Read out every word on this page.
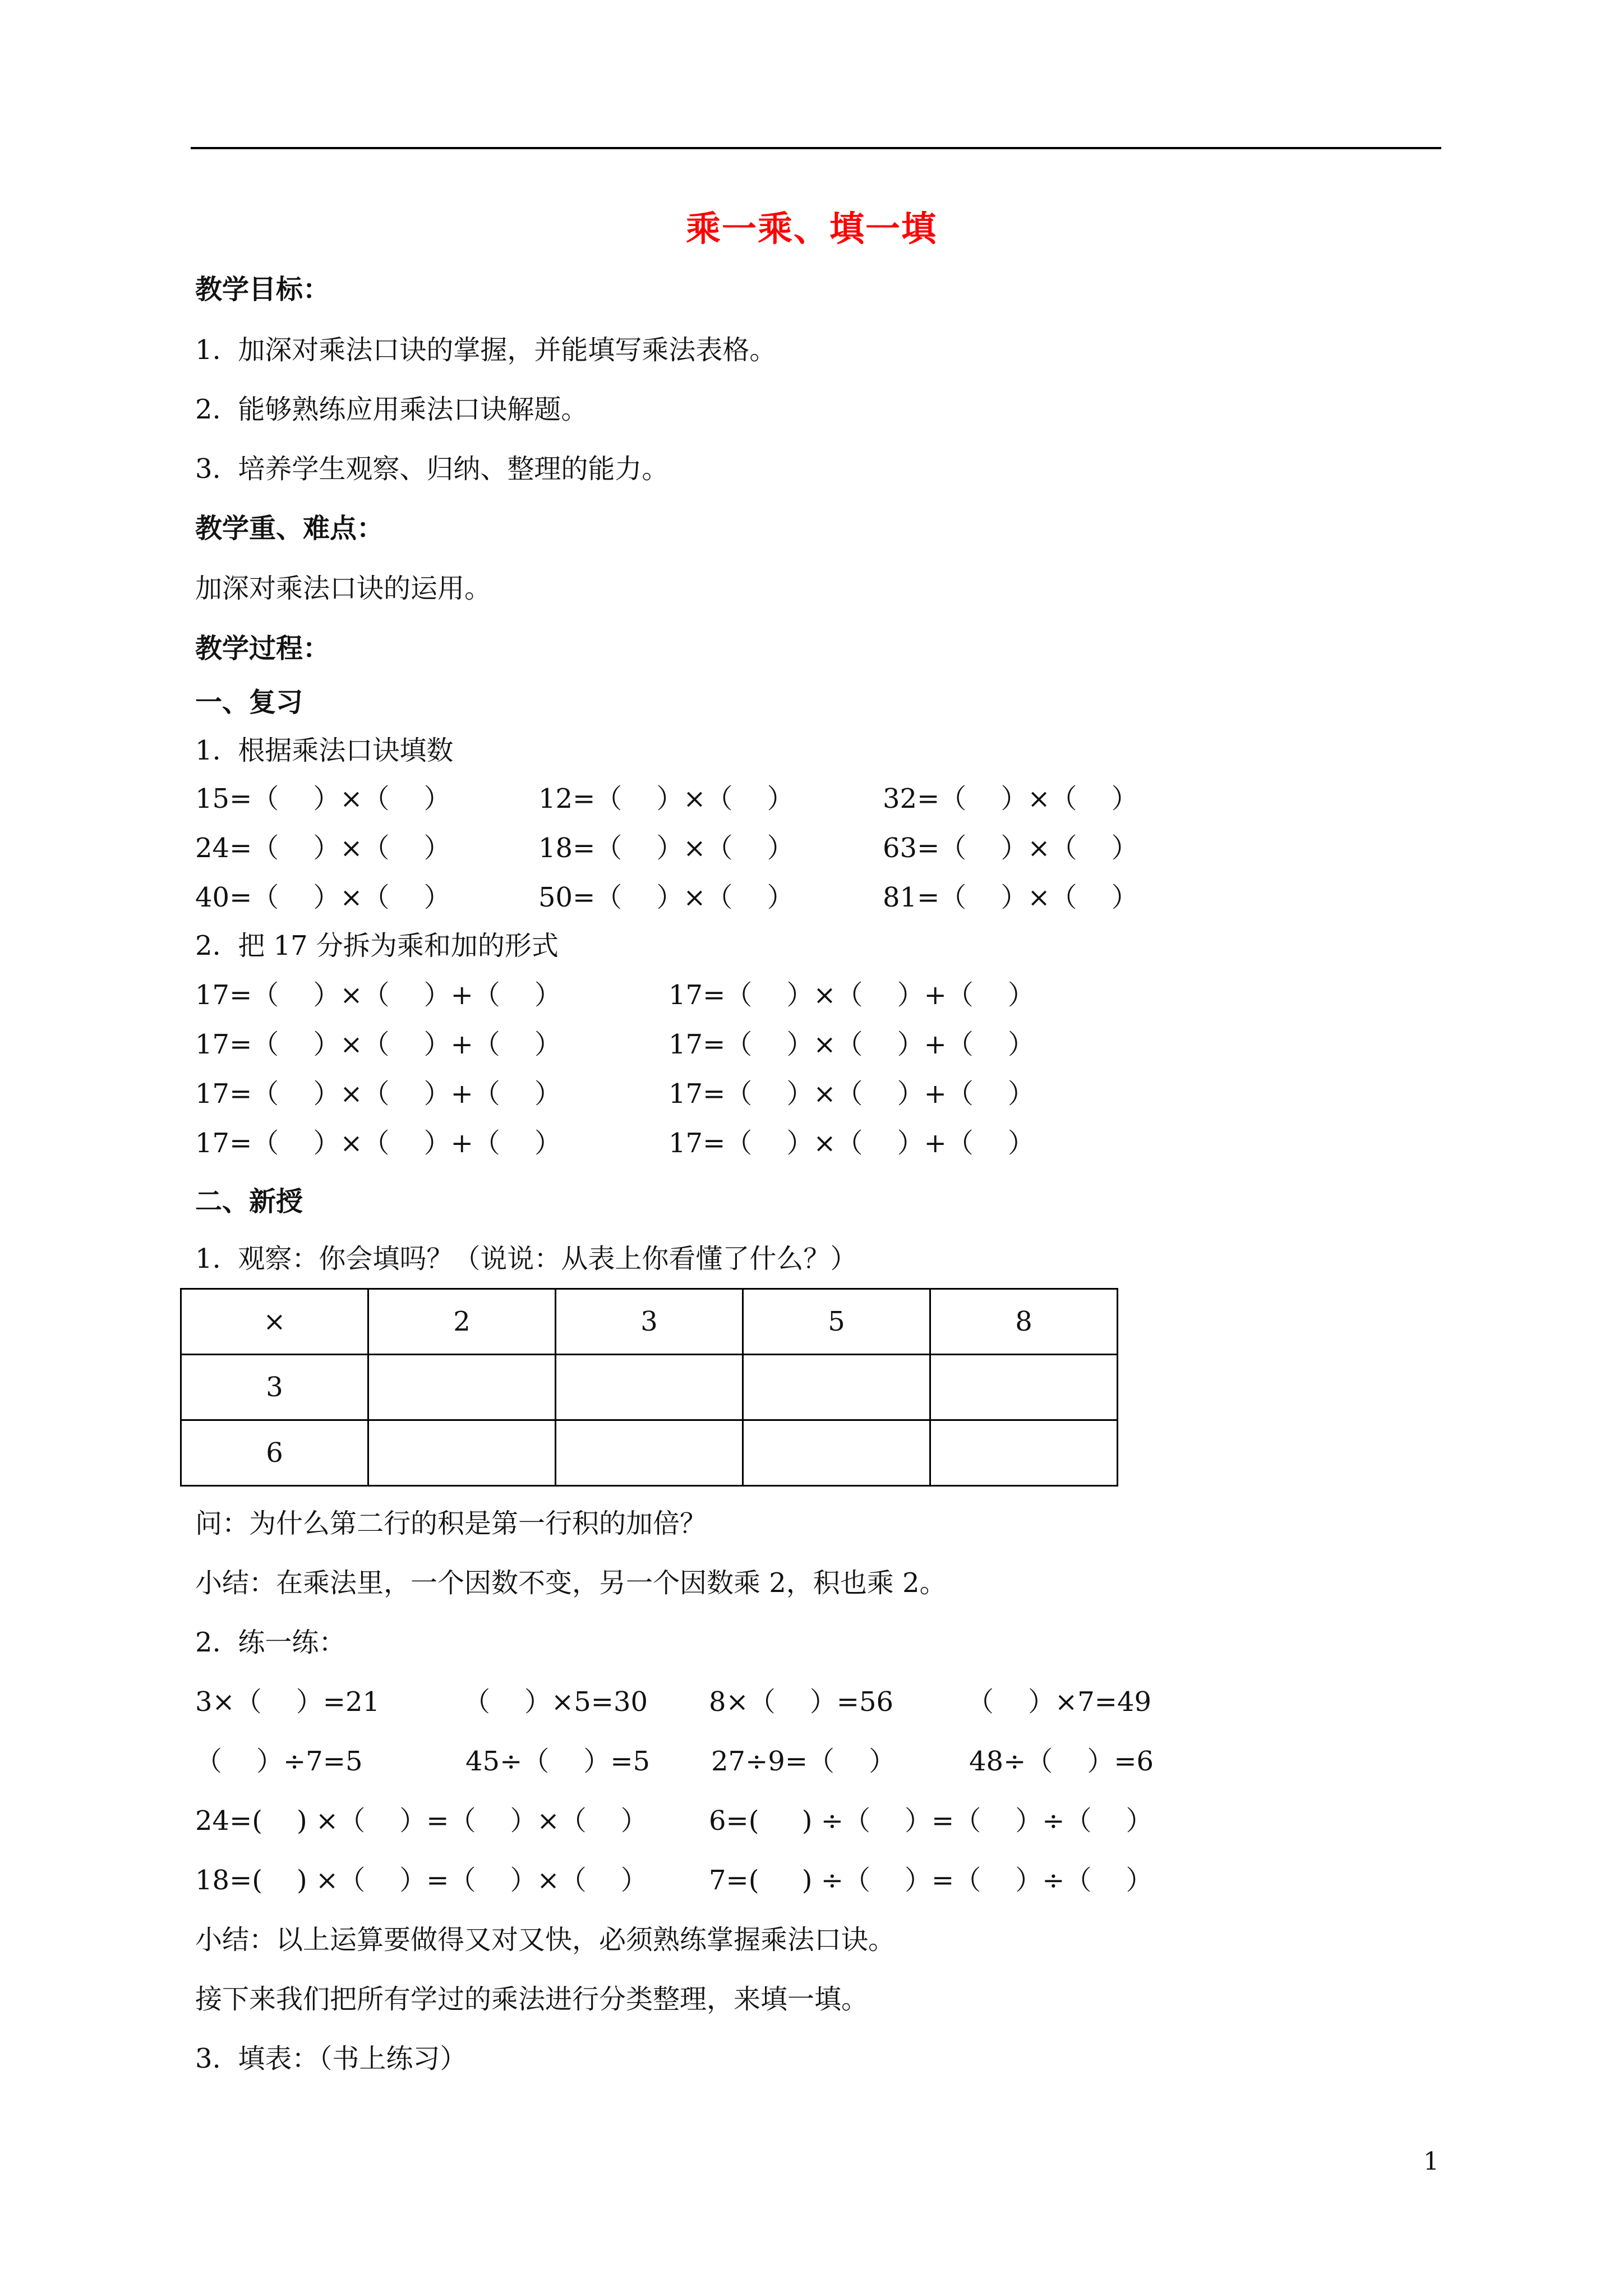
乘一乘、填一填
教学目标：
1.  加深对乘法口诀的掌握，并能填写乘法表格。
2.  能够熟练应用乘法口诀解题。
3.  培养学生观察、归纳、整理的能力。
教学重、难点：
加深对乘法口诀的运用。
教学过程：
一、复习
1.  根据乘法口诀填数
15=（    ）×（    ）	12=（    ）×（    ）	32=（    ）×（    ）
24=（    ）×（    ）	18=（    ）×（    ）	63=（    ）×（    ）
40=（    ）×（    ）	50=（    ）×（    ）	81=（    ）×（    ）
2.  把 17 分拆为乘和加的形式
17=（    ）×（    ）+（    ）	17=（    ）×（    ）+（    ）
17=（    ）×（    ）+（    ）	17=（    ）×（    ）+（    ）
17=（    ）×（    ）+（    ）	17=（    ）×（    ）+（    ）
17=（    ）×（    ）+（    ）	17=（    ）×（    ）+（    ）
二、新授
1.  观察：你会填吗？（说说：从表上你看懂了什么？）
×	2	3	5	8
3				
6				
问：为什么第二行的积是第一行积的加倍？
小结：在乘法里，一个因数不变，另一个因数乘 2，积也乘 2。
2.  练一练：
3×（    ）=21	（    ）×5=30 8×（    ）=56	（    ）×7=49
（    ）÷7=5	45÷（    ）=5 27÷9=（    ）	48÷（    ）=6
24=(    ) ×（    ）=（    ）×（    ） 6=(     ) ÷（    ）=（    ）÷（    ）
18=(    ) ×（    ）=（    ）×（    ） 7=(     ) ÷（    ）=（    ）÷（    ）
小结：以上运算要做得又对又快，必须熟练掌握乘法口诀。
接下来我们把所有学过的乘法进行分类整理，来填一填。
3.  填表：（书上练习）
1
